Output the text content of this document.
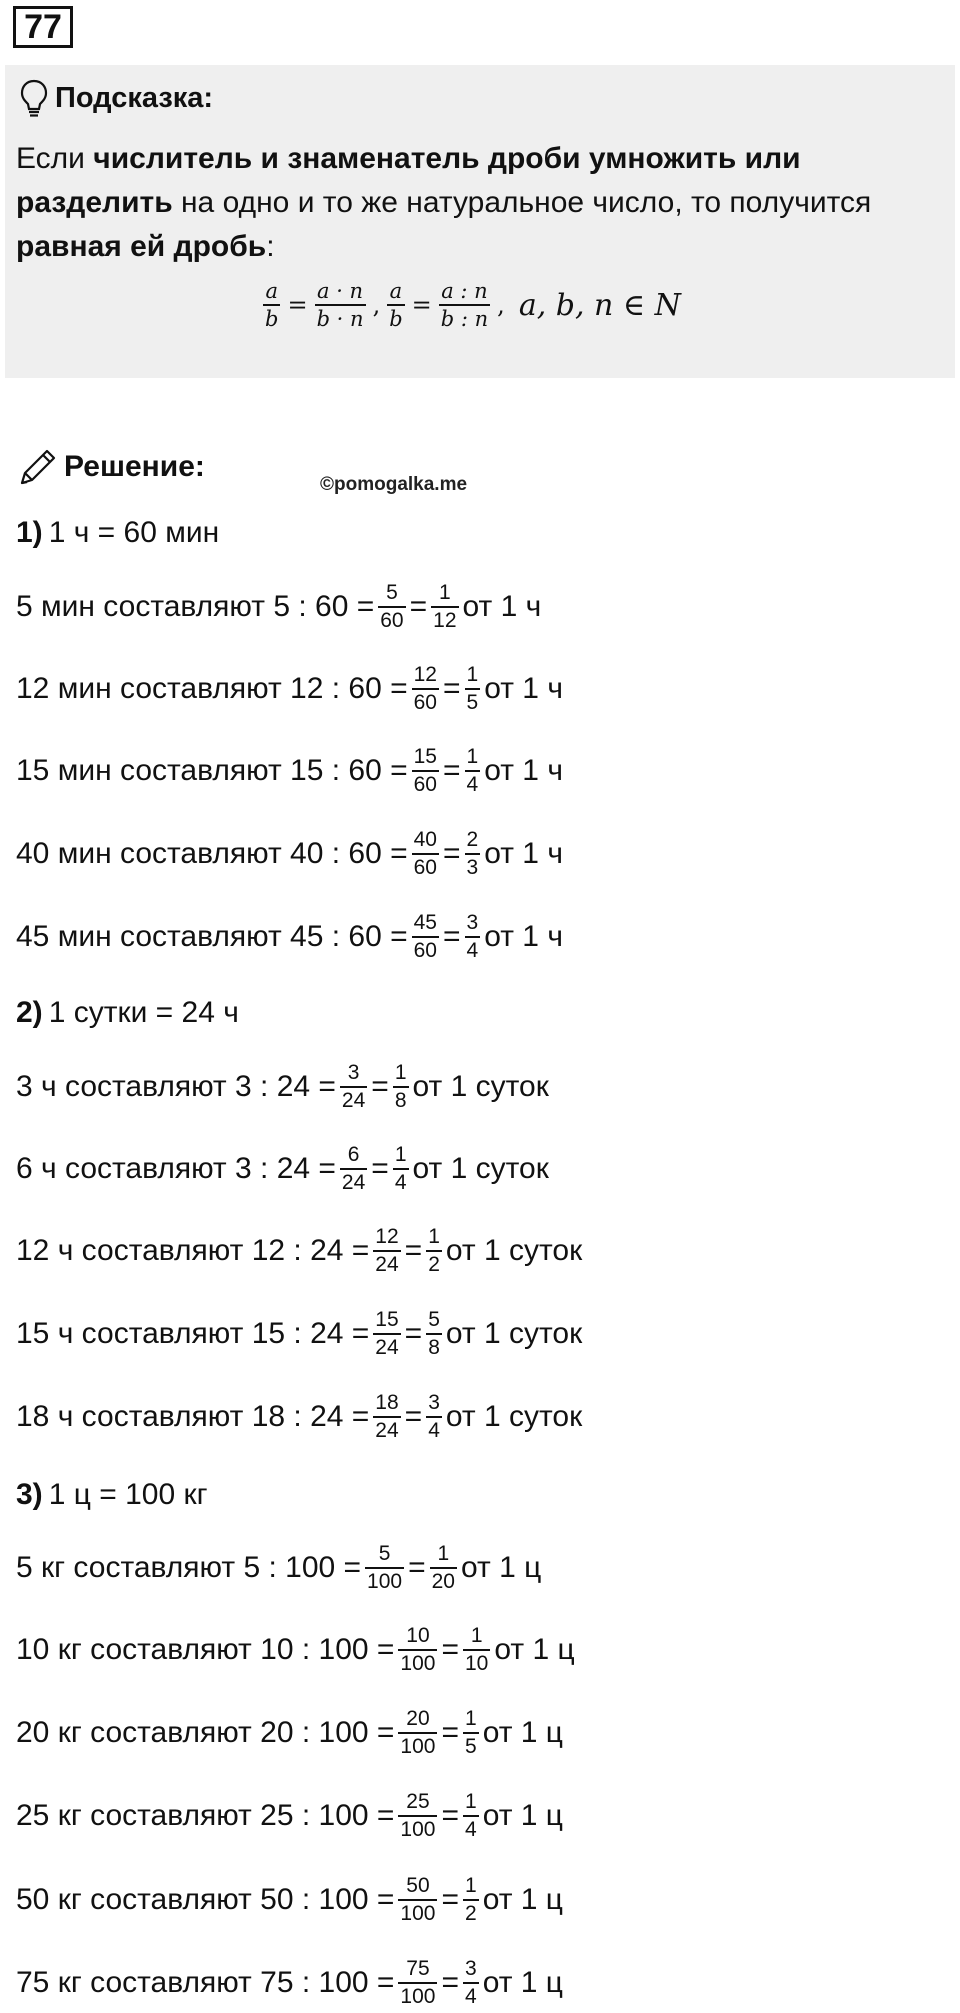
77
Подсказка:
Если числитель и знаменатель дроби умножить или разделить на одно и то же натуральное число, то получится равная ей дробь:
$\frac{a}{b} = \frac{a \cdot n}{b \cdot n}$ , $\frac{a}{b} = \frac{a : n}{b : n}$ , a, b, n ∈ N
Решение:
©pomogalka.me
1) 1 ч = 60 мин
2) 1 сутки = 24 ч
3) 1 ц = 100 кг
5 мин составляют 5 : $60 = \frac{5}{60} = \frac{1}{12}$ от 1 ч
12 мин составляют 12 : $60 = \frac{12}{60} = \frac{1}{5}$ от 1 ч
15 мин составляют 15 : $60 = \frac{15}{60} = \frac{1}{4}$ от 1 ч
40 мин составляют 40 : $60 = \frac{40}{60} = \frac{2}{3}$ от 1 ч
45 мин составляют 45 : $60 = \frac{45}{60} = \frac{3}{4}$ от 1 ч
3 ч составляют 3 : $24 = \frac{3}{24} = \frac{1}{8}$ от 1 суток
6 ч составляют 3 : $24 = \frac{6}{24} = \frac{1}{4}$ от 1 суток
12 ч составляют 12 : $24 = \frac{12}{24} = \frac{1}{2}$ от 1 суток
15 ч составляют 15 : $24 = \frac{15}{24} = \frac{5}{8}$ от 1 суток
18 ч составляют 18 : $24 = \frac{18}{24} = \frac{3}{4}$ от 1 суток
5 кг составляют 5 : $100 = \frac{5}{100} = \frac{1}{20}$ от 1 ц
10 кг составляют 10 : $100 = \frac{10}{100} = \frac{1}{10}$ от 1 ц
20 кг составляют 20 : $100 = \frac{20}{100} = \frac{1}{5}$ от 1 ц
25 кг составляют 25 : $100 = \frac{25}{100} = \frac{1}{4}$ от 1 ц
50 кг составляют 50 : $100 = \frac{50}{100} = \frac{1}{2}$ от 1 ц
75 кг составляют 75 : $100 = \frac{75}{100} = \frac{3}{4}$ от 1 ц
